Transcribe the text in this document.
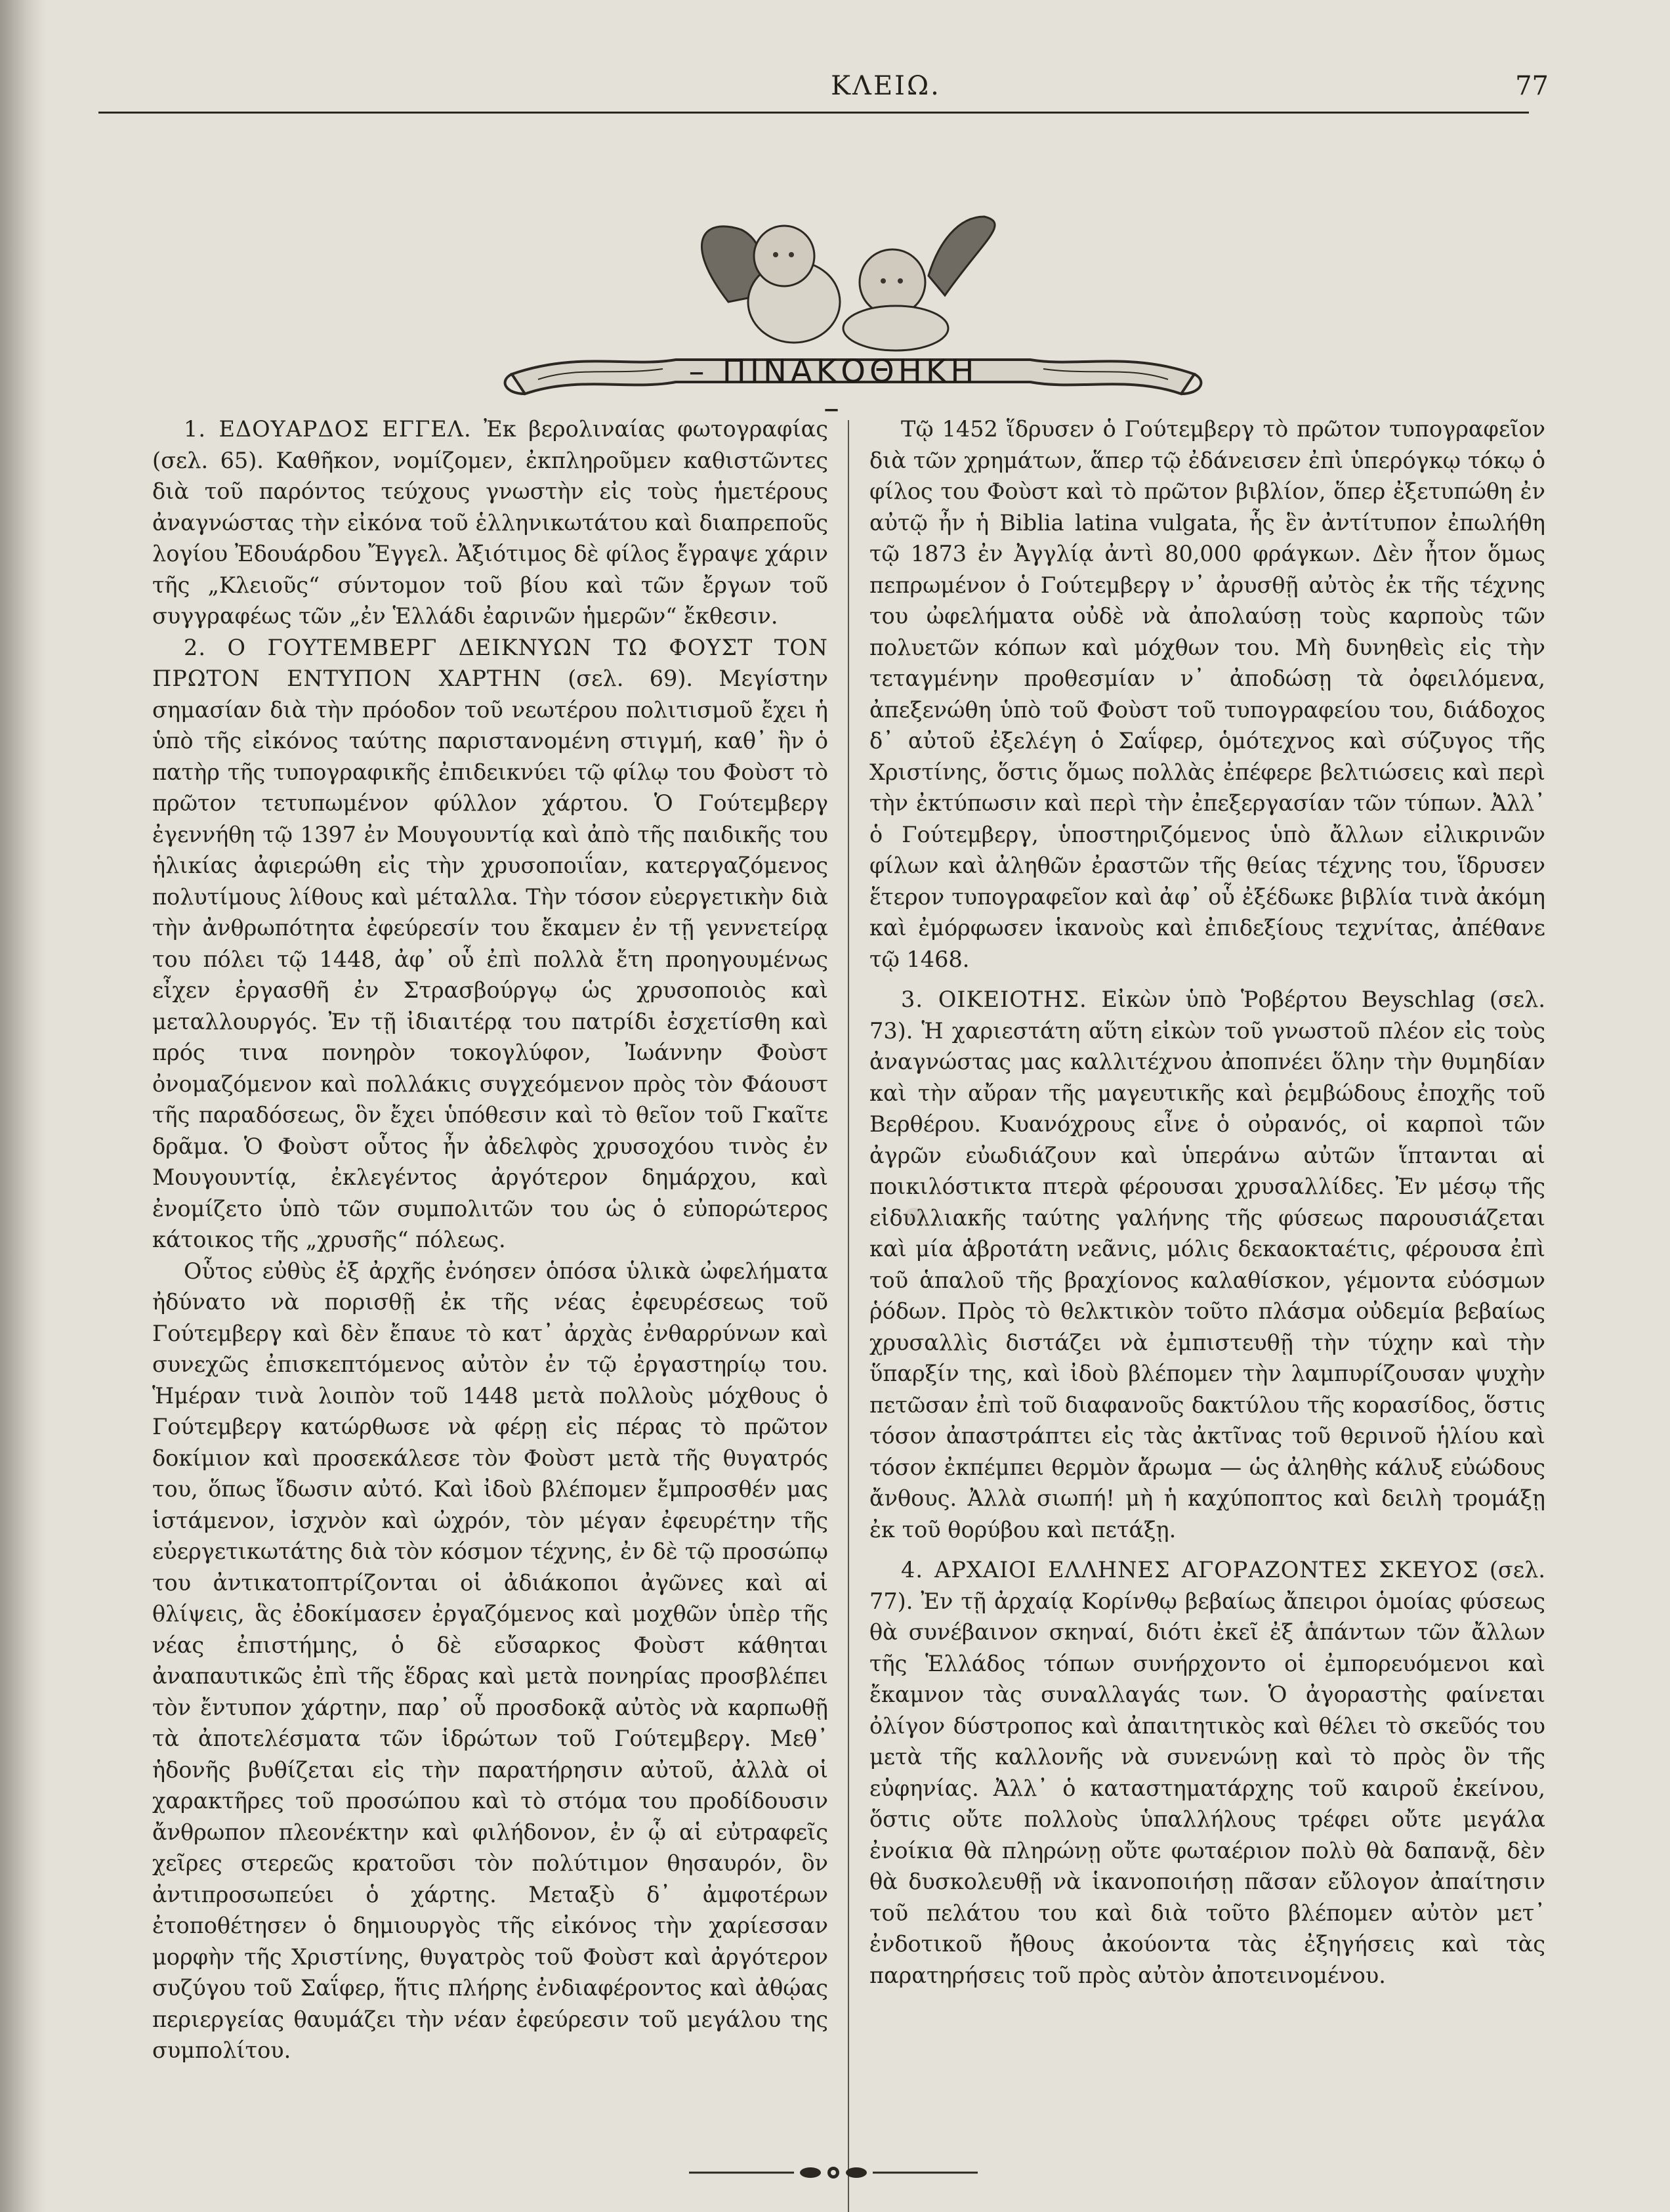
ΚΛΕΙΩ.	77
– ΠΙΝΑΚΟΘΗΚΗ –

1. ΕΔΟΥΑΡΔΟΣ ΕΓΓΕΛ. Ἐκ βερολιναίας φωτογραφίας (σελ. 65). Καθῆκον, νομίζομεν, ἐκπληροῦμεν καθιστῶντες διὰ τοῦ παρόντος τεύχους γνωστὴν εἰς τοὺς ἡμετέρους ἀναγνώστας τὴν εἰκόνα τοῦ ἑλληνικωτάτου καὶ διαπρεποῦς λογίου Ἐδουάρδου Ἔγγελ. Ἀξιότιμος δὲ φίλος ἔγραψε χάριν τῆς „Κλειοῦς“ σύντομον τοῦ βίου καὶ τῶν ἔργων τοῦ συγγραφέως τῶν „ἐν Ἑλλάδι ἐαρινῶν ἡμερῶν“ ἔκθεσιν.

2. Ο ΓΟΥΤΕΜΒΕΡΓ ΔΕΙΚΝΥΩΝ ΤΩ ΦΟΥΣΤ ΤΟΝ ΠΡΩΤΟΝ ΕΝΤΥΠΟΝ ΧΑΡΤΗΝ (σελ. 69). Μεγίστην σημασίαν διὰ τὴν πρόοδον τοῦ νεωτέρου πολιτισμοῦ ἔχει ἡ ὑπὸ τῆς εἰκόνος ταύτης παριστανομένη στιγμή, καθ᾽ ἣν ὁ πατὴρ τῆς τυπογραφικῆς ἐπιδεικνύει τῷ φίλῳ του Φοὺστ τὸ πρῶτον τετυπωμένον φύλλον χάρτου. Ὁ Γούτεμβεργ ἐγεννήθη τῷ 1397 ἐν Μουγουντίᾳ καὶ ἀπὸ τῆς παιδικῆς του ἡλικίας ἀφιερώθη εἰς τὴν χρυσοποιΐαν, κατεργαζόμενος πολυτίμους λίθους καὶ μέταλλα. Τὴν τόσον εὐεργετικὴν διὰ τὴν ἀνθρωπότητα ἐφεύρεσίν του ἔκαμεν ἐν τῇ γεννετείρᾳ του πόλει τῷ 1448, ἀφ᾽ οὗ ἐπὶ πολλὰ ἔτη προηγουμένως εἶχεν ἐργασθῆ ἐν Στρασβούργῳ ὡς χρυσοποιὸς καὶ μεταλλουργός. Ἐν τῇ ἰδιαιτέρᾳ του πατρίδι ἐσχετίσθη καὶ πρός τινα πονηρὸν τοκογλύφον, Ἰωάννην Φοὺστ ὀνομαζόμενον καὶ πολλάκις συγχεόμενον πρὸς τὸν Φάουστ τῆς παραδόσεως, ὃν ἔχει ὑπόθεσιν καὶ τὸ θεῖον τοῦ Γκαῖτε δρᾶμα. Ὁ Φοὺστ οὗτος ἦν ἀδελφὸς χρυσοχόου τινὸς ἐν Μουγουντίᾳ, ἐκλεγέντος ἀργότερον δημάρχου, καὶ ἐνομίζετο ὑπὸ τῶν συμπολιτῶν του ὡς ὁ εὐπορώτερος κάτοικος τῆς „χρυσῆς“ πόλεως.

Οὗτος εὐθὺς ἐξ ἀρχῆς ἐνόησεν ὁπόσα ὑλικὰ ὠφελήματα ἠδύνατο νὰ πορισθῇ ἐκ τῆς νέας ἐφευρέσεως τοῦ Γούτεμβεργ καὶ δὲν ἔπαυε τὸ κατ᾽ ἀρχὰς ἐνθαρρύνων καὶ συνεχῶς ἐπισκεπτόμενος αὐτὸν ἐν τῷ ἐργαστηρίῳ του. Ἡμέραν τινὰ λοιπὸν τοῦ 1448 μετὰ πολλοὺς μόχθους ὁ Γούτεμβεργ κατώρθωσε νὰ φέρῃ εἰς πέρας τὸ πρῶτον δοκίμιον καὶ προσεκάλεσε τὸν Φοὺστ μετὰ τῆς θυγατρός του, ὅπως ἴδωσιν αὐτό. Καὶ ἰδοὺ βλέπομεν ἔμπροσθέν μας ἱστάμενον, ἰσχνὸν καὶ ὠχρόν, τὸν μέγαν ἐφευρέτην τῆς εὐεργετικωτάτης διὰ τὸν κόσμον τέχνης, ἐν δὲ τῷ προσώπῳ του ἀντικατοπτρίζονται οἱ ἀδιάκοποι ἀγῶνες καὶ αἱ θλίψεις, ἃς ἐδοκίμασεν ἐργαζόμενος καὶ μοχθῶν ὑπὲρ τῆς νέας ἐπιστήμης, ὁ δὲ εὔσαρκος Φοὺστ κάθηται ἀναπαυτικῶς ἐπὶ τῆς ἕδρας καὶ μετὰ πονηρίας προσβλέπει τὸν ἔντυπον χάρτην, παρ᾽ οὗ προσδοκᾷ αὐτὸς νὰ καρπωθῇ τὰ ἀποτελέσματα τῶν ἱδρώτων τοῦ Γούτεμβεργ. Μεθ᾽ ἡδονῆς βυθίζεται εἰς τὴν παρατήρησιν αὐτοῦ, ἀλλὰ οἱ χαρακτῆρες τοῦ προσώπου καὶ τὸ στόμα του προδίδουσιν ἄνθρωπον πλεονέκτην καὶ φιλήδονον, ἐν ᾧ αἱ εὐτραφεῖς χεῖρες στερεῶς κρατοῦσι τὸν πολύτιμον θησαυρόν, ὃν ἀντιπροσωπεύει ὁ χάρτης. Μεταξὺ δ᾽ ἀμφοτέρων ἐτοποθέτησεν ὁ δημιουργὸς τῆς εἰκόνος τὴν χαρίεσσαν μορφὴν τῆς Χριστίνης, θυγατρὸς τοῦ Φοὺστ καὶ ἀργότερον συζύγου τοῦ Σαΐφερ, ἥτις πλήρης ἐνδιαφέροντος καὶ ἀθῴας περιεργείας θαυμάζει τὴν νέαν ἐφεύρεσιν τοῦ μεγάλου της συμπολίτου.

Τῷ 1452 ἵδρυσεν ὁ Γούτεμβεργ τὸ πρῶτον τυπογραφεῖον διὰ τῶν χρημάτων, ἅπερ τῷ ἐδάνεισεν ἐπὶ ὑπερόγκῳ τόκῳ ὁ φίλος του Φοὺστ καὶ τὸ πρῶτον βιβλίον, ὅπερ ἐξετυπώθη ἐν αὐτῷ ἦν ἡ Biblia latina vulgata, ἧς ἓν ἀντίτυπον ἐπωλήθη τῷ 1873 ἐν Ἀγγλίᾳ ἀντὶ 80,000 φράγκων. Δὲν ἦτον ὅμως πεπρωμένον ὁ Γούτεμβεργ ν᾽ ἀρυσθῇ αὐτὸς ἐκ τῆς τέχνης του ὠφελήματα οὐδὲ νὰ ἀπολαύσῃ τοὺς καρποὺς τῶν πολυετῶν κόπων καὶ μόχθων του. Μὴ δυνηθεὶς εἰς τὴν τεταγμένην προθεσμίαν ν᾽ ἀποδώσῃ τὰ ὀφειλόμενα, ἀπεξενώθη ὑπὸ τοῦ Φοὺστ τοῦ τυπογραφείου του, διάδοχος δ᾽ αὐτοῦ ἐξελέγη ὁ Σαΐφερ, ὁμότεχνος καὶ σύζυγος τῆς Χριστίνης, ὅστις ὅμως πολλὰς ἐπέφερε βελτιώσεις καὶ περὶ τὴν ἐκτύπωσιν καὶ περὶ τὴν ἐπεξεργασίαν τῶν τύπων. Ἀλλ᾽ ὁ Γούτεμβεργ, ὑποστηριζόμενος ὑπὸ ἄλλων εἰλικρινῶν φίλων καὶ ἀληθῶν ἐραστῶν τῆς θείας τέχνης του, ἵδρυσεν ἕτερον τυπογραφεῖον καὶ ἀφ᾽ οὗ ἐξέδωκε βιβλία τινὰ ἀκόμη καὶ ἐμόρφωσεν ἱκανοὺς καὶ ἐπιδεξίους τεχνίτας, ἀπέθανε τῷ 1468.

3. ΟΙΚΕΙΟΤΗΣ. Εἰκὼν ὑπὸ Ῥοβέρτου Beyschlag (σελ. 73). Ἡ χαριεστάτη αὕτη εἰκὼν τοῦ γνωστοῦ πλέον εἰς τοὺς ἀναγνώστας μας καλλιτέχνου ἀποπνέει ὅλην τὴν θυμηδίαν καὶ τὴν αὔραν τῆς μαγευτικῆς καὶ ῥεμβώδους ἐποχῆς τοῦ Βερθέρου. Κυανόχρους εἶνε ὁ οὐρανός, οἱ καρποὶ τῶν ἀγρῶν εὐωδιάζουν καὶ ὑπεράνω αὐτῶν ἵπτανται αἱ ποικιλόστικτα πτερὰ φέρουσαι χρυσαλλίδες. Ἐν μέσῳ τῆς εἰδυλλιακῆς ταύτης γαλήνης τῆς φύσεως παρουσιάζεται καὶ μία ἁβροτάτη νεᾶνις, μόλις δεκαοκταέτις, φέρουσα ἐπὶ τοῦ ἁπαλοῦ τῆς βραχίονος καλαθίσκον, γέμοντα εὐόσμων ῥόδων. Πρὸς τὸ θελκτικὸν τοῦτο πλάσμα οὐδεμία βεβαίως χρυσαλλὶς διστάζει νὰ ἐμπιστευθῇ τὴν τύχην καὶ τὴν ὕπαρξίν της, καὶ ἰδοὺ βλέπομεν τὴν λαμπυρίζουσαν ψυχὴν πετῶσαν ἐπὶ τοῦ διαφανοῦς δακτύλου τῆς κορασίδος, ὅστις τόσον ἀπαστράπτει εἰς τὰς ἀκτῖνας τοῦ θερινοῦ ἡλίου καὶ τόσον ἐκπέμπει θερμὸν ἄρωμα — ὡς ἀληθὴς κάλυξ εὐώδους ἄνθους. Ἀλλὰ σιωπή! μὴ ἡ καχύποπτος καὶ δειλὴ τρομάξῃ ἐκ τοῦ θορύβου καὶ πετάξῃ.

4. ΑΡΧΑΙΟΙ ΕΛΛΗΝΕΣ ΑΓΟΡΑΖΟΝΤΕΣ ΣΚΕΥΟΣ (σελ. 77). Ἐν τῇ ἀρχαίᾳ Κορίνθῳ βεβαίως ἄπειροι ὁμοίας φύσεως θὰ συνέβαινον σκηναί, διότι ἐκεῖ ἐξ ἁπάντων τῶν ἄλλων τῆς Ἑλλάδος τόπων συνήρχοντο οἱ ἐμπορευόμενοι καὶ ἔκαμνον τὰς συναλλαγάς των. Ὁ ἀγοραστὴς φαίνεται ὀλίγον δύστροπος καὶ ἀπαιτητικὸς καὶ θέλει τὸ σκεῦός του μετὰ τῆς καλλονῆς νὰ συνενώνῃ καὶ τὸ πρὸς ὃν τῆς εὐφηνίας. Ἀλλ᾽ ὁ καταστηματάρχης τοῦ καιροῦ ἐκείνου, ὅστις οὔτε πολλοὺς ὑπαλλήλους τρέφει οὔτε μεγάλα ἐνοίκια θὰ πληρώνῃ οὔτε φωταέριον πολὺ θὰ δαπανᾷ, δὲν θὰ δυσκολευθῇ νὰ ἱκανοποιήσῃ πᾶσαν εὔλογον ἀπαίτησιν τοῦ πελάτου του καὶ διὰ τοῦτο βλέπομεν αὐτὸν μετ᾽ ἐνδοτικοῦ ἤθους ἀκούοντα τὰς ἐξηγήσεις καὶ τὰς παρατηρήσεις τοῦ πρὸς αὐτὸν ἀποτεινομένου.
